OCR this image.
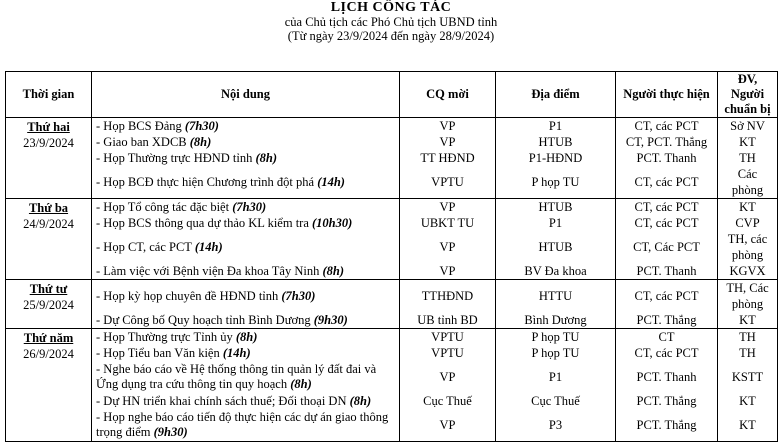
LỊCH CÔNG TÁC
của Chủ tịch các Phó Chủ tịch UBND tỉnh
(Từ ngày 23/9/2024 đến ngày 28/9/2024)
Thời gian	Nội dung	CQ mời	Địa điểm	Người thực hiện	ĐV, Người chuẩn bị

Thứ hai
23/9/2024	- Họp BCS Đảng (7h30)	VP	P1	CT, các PCT	Sở NV
	- Giao ban XDCB (8h)	VP	HTUB	CT, PCT. Thắng	KT
	- Họp Thường trực HĐND tỉnh (8h)	TT HĐND	P1-HĐND	PCT. Thanh	TH
	- Họp BCĐ thực hiện Chương trình đột phá (14h)	VPTU	P họp TU	CT, các PCT	Các phòng

Thứ ba
24/9/2024	- Họp Tổ công tác đặc biệt (7h30)	VP	HTUB	CT, các PCT	KT
	- Họp BCS thông qua dự thảo KL kiểm tra (10h30)	UBKT TU	P1	CT, các PCT	CVP
	- Họp CT, các PCT (14h)	VP	HTUB	CT, Các PCT	TH, các phòng
	- Làm việc với Bệnh viện Đa khoa Tây Ninh (8h)	VP	BV Đa khoa	PCT. Thanh	KGVX

Thứ tư
25/9/2024	- Họp kỳ họp chuyên đề HĐND tỉnh (7h30)	TTHĐND	HTTU	CT, các PCT	TH, Các phòng
	- Dự Công bố Quy hoạch tỉnh Bình Dương (9h30)	UB tỉnh BD	Bình Dương	PCT. Thắng	KT

Thứ năm
26/9/2024	- Họp Thường trực Tỉnh ủy (8h)	VPTU	P họp TU	CT	TH
	- Họp Tiểu ban Văn kiện (14h)	VPTU	P họp TU	CT, các PCT	TH
	- Nghe báo cáo về Hệ thống thông tin quản lý đất đai và Ứng dụng tra cứu thông tin quy hoạch (8h)	VP	P1	PCT. Thanh	KSTT
	- Dự HN triển khai chính sách thuế; Đối thoại DN (8h)	Cục Thuế	Cục Thuế	PCT. Thắng	KT
	- Họp nghe báo cáo tiến độ thực hiện các dự án giao thông trọng điểm (9h30)	VP	P3	PCT. Thắng	KT
